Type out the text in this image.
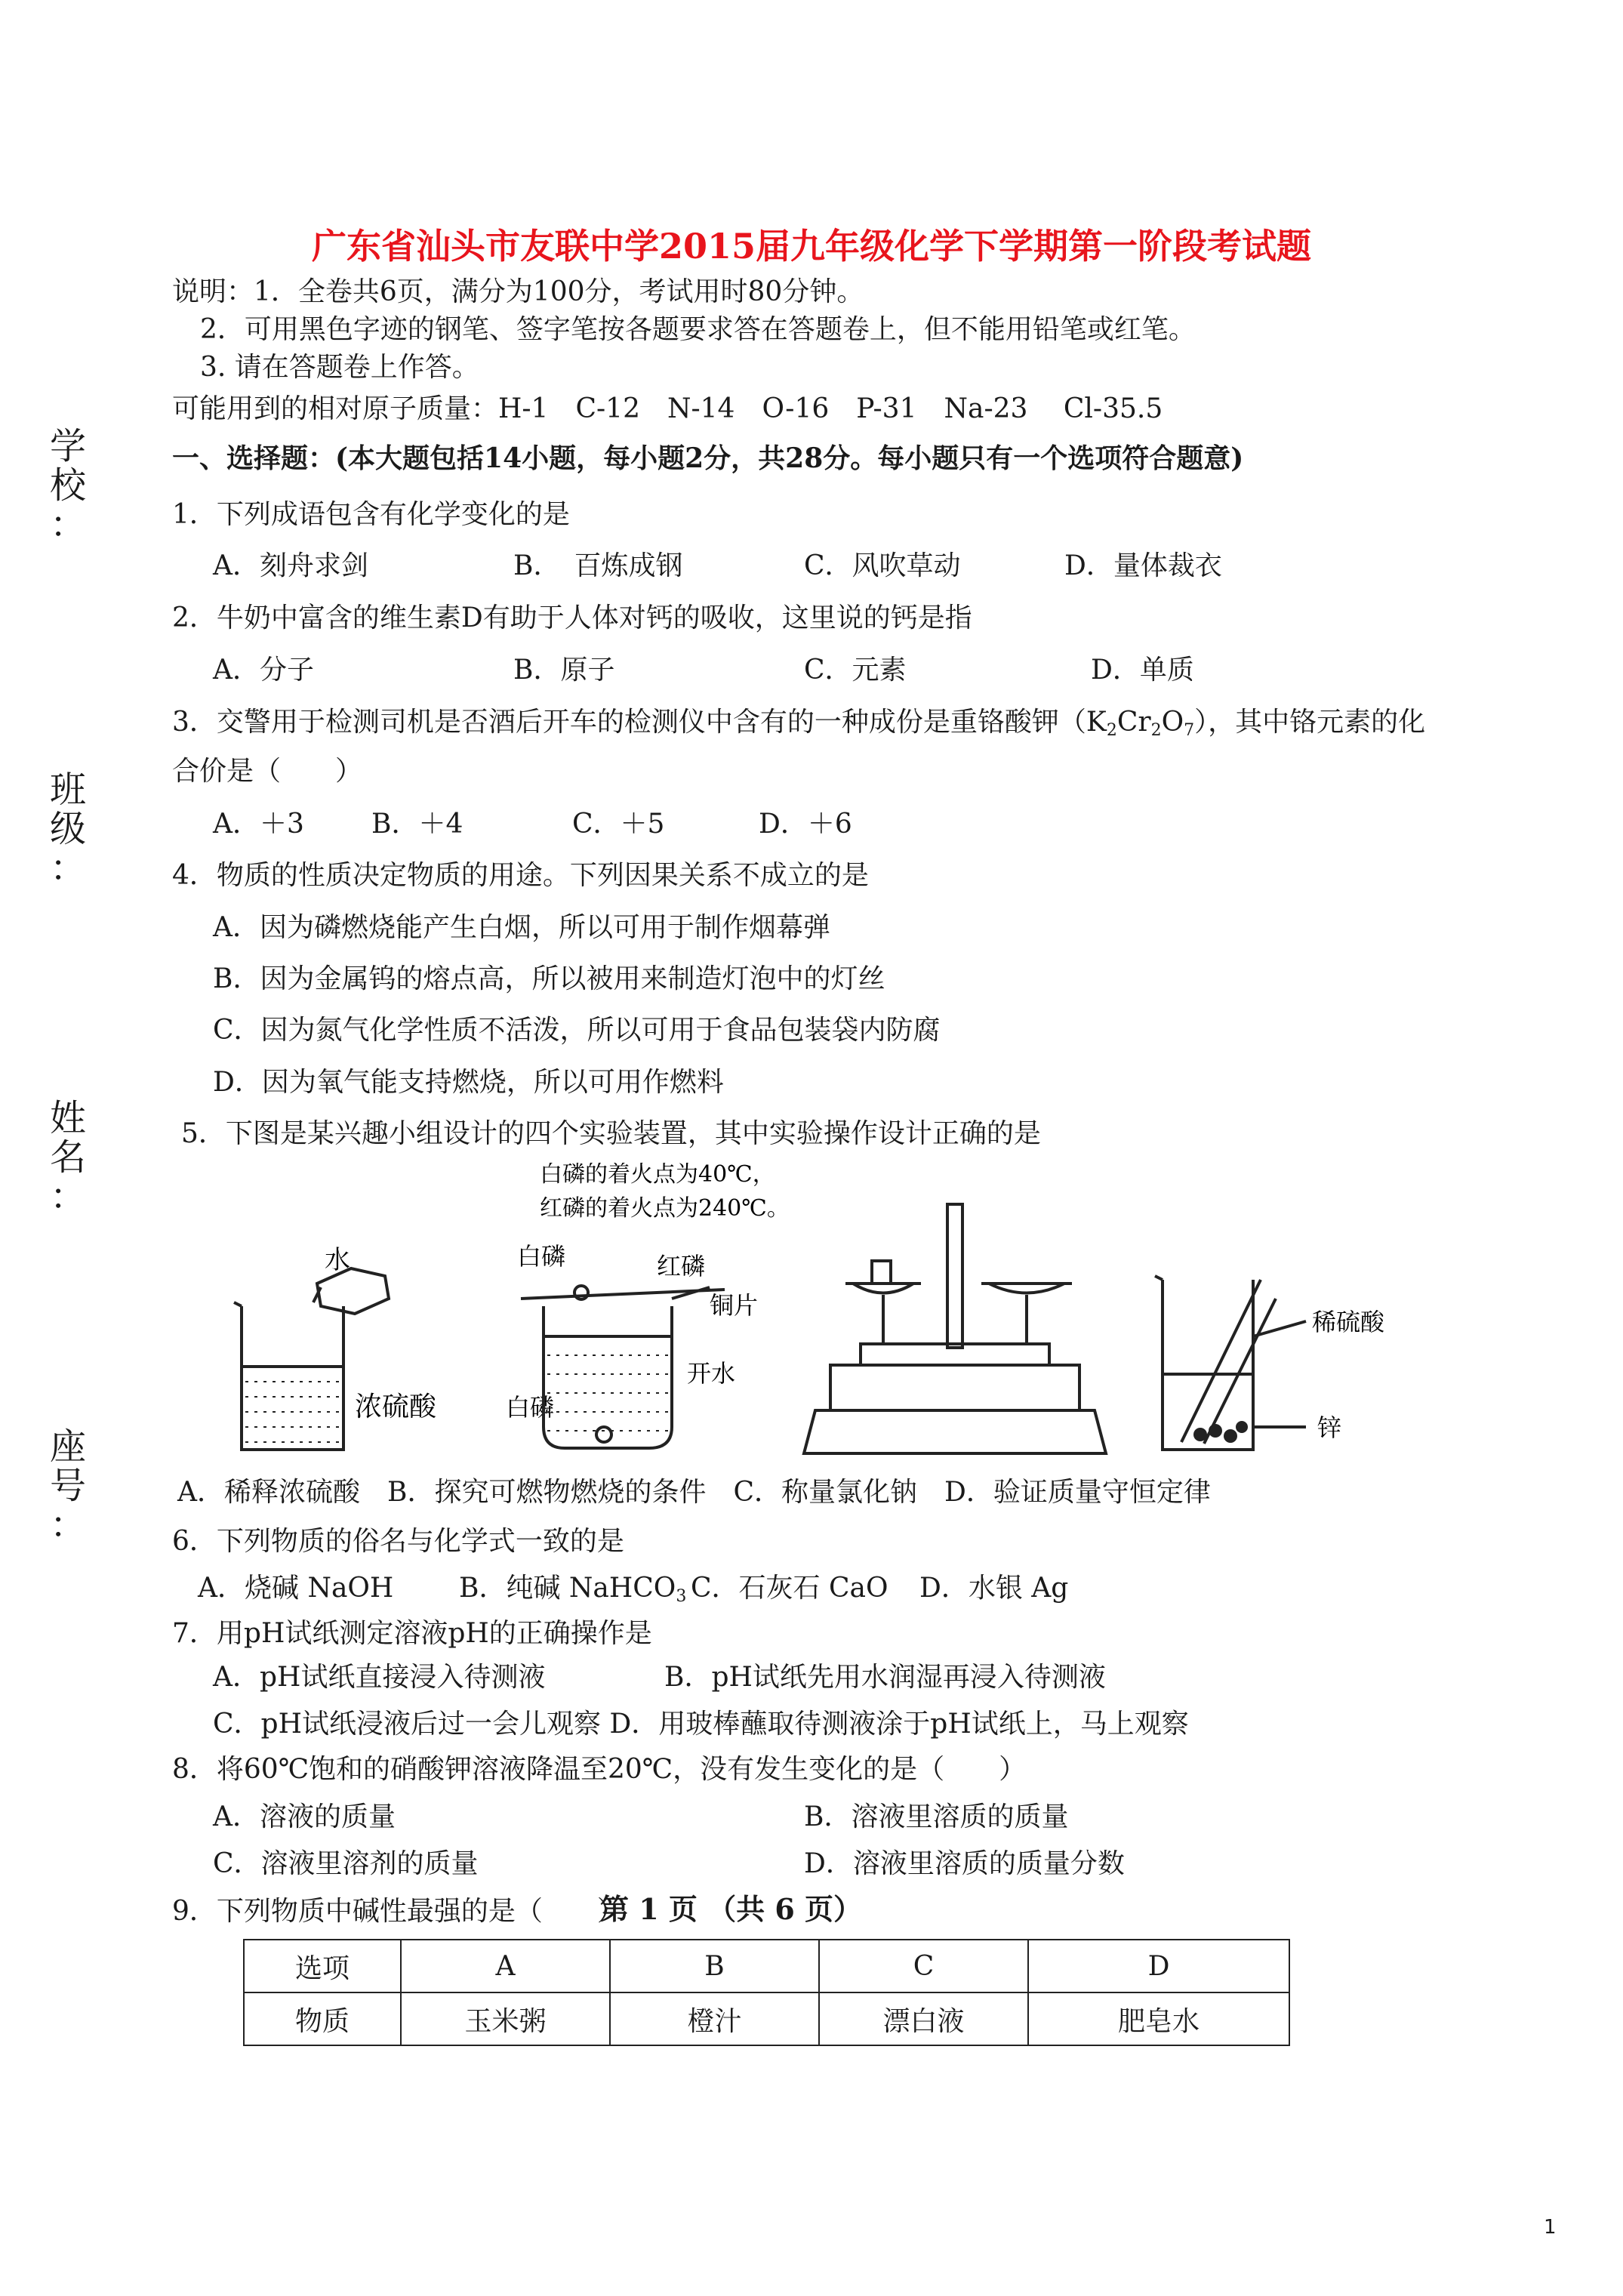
广东省汕头市友联中学2015届九年级化学下学期第一阶段考试题
说明：1．全卷共6页，满分为100分，考试用时80分钟。
2．可用黑色字迹的钢笔、签字笔按各题要求答在答题卷上，但不能用铅笔或红笔。
3. 请在答题卷上作答。
可能用到的相对原子质量：H-1　C-12　N-14　O-16　P-31　Na-23　 Cl-35.5
一、选择题：(本大题包括14小题，每小题2分，共28分。每小题只有一个选项符合题意)
学
校
：
班
级
：
姓
名
：
座
号
：
1．下列成语包含有化学变化的是
A．刻舟求剑	B．　百炼成钢	C．风吹草动	D．量体裁衣
2．牛奶中富含的维生素D有助于人体对钙的吸收，这里说的钙是指
A．分子	B．原子	C．元素	D．单质
3．交警用于检测司机是否酒后开车的检测仪中含有的一种成份是重铬酸钾$(K_2Cr_2O_7)$，其中铬元素的化
合价是（　　）
A．＋3 B．＋4	C．＋5	D．＋6
4．物质的性质决定物质的用途。下列因果关系不成立的是
A．因为磷燃烧能产生白烟，所以可用于制作烟幕弹
B．因为金属钨的熔点高，所以被用来制造灯泡中的灯丝
C．因为氮气化学性质不活泼，所以可用于食品包装袋内防腐
D．因为氧气能支持燃烧，所以可用作燃料
5．下图是某兴趣小组设计的四个实验装置，其中实验操作设计正确的是
水
浓硫酸
白磷的着火点为40℃，
红磷的着火点为240℃。
白磷	红磷
铜片
开水
白磷
稀硫酸
锌
A．稀释浓硫酸　B．探究可燃物燃烧的条件　C．称量氯化钠　D．验证质量守恒定律
6．下列物质的俗名与化学式一致的是
A．烧碱 NaOH B．纯碱 NaHCO$_3$ C．石灰石 CaO D．水银 Ag
7．用pH试纸测定溶液pH的正确操作是
A．pH试纸直接浸入待测液	B．pH试纸先用水润湿再浸入待测液
C．pH试纸浸液后过一会儿观察 D．用玻棒蘸取待测液涂于pH试纸上，马上观察
8．将60℃饱和的硝酸钾溶液降温至20℃，没有发生变化的是（　　）
A．溶液的质量	B．溶液里溶质的质量
C．溶液里溶剂的质量	D．溶液里溶质的质量分数
9．下列物质中碱性最强的是（　　）
第 1 页 （共 6 页）
选项	A	B	C	D
物质	玉米粥	橙汁	漂白液	肥皂水
1
